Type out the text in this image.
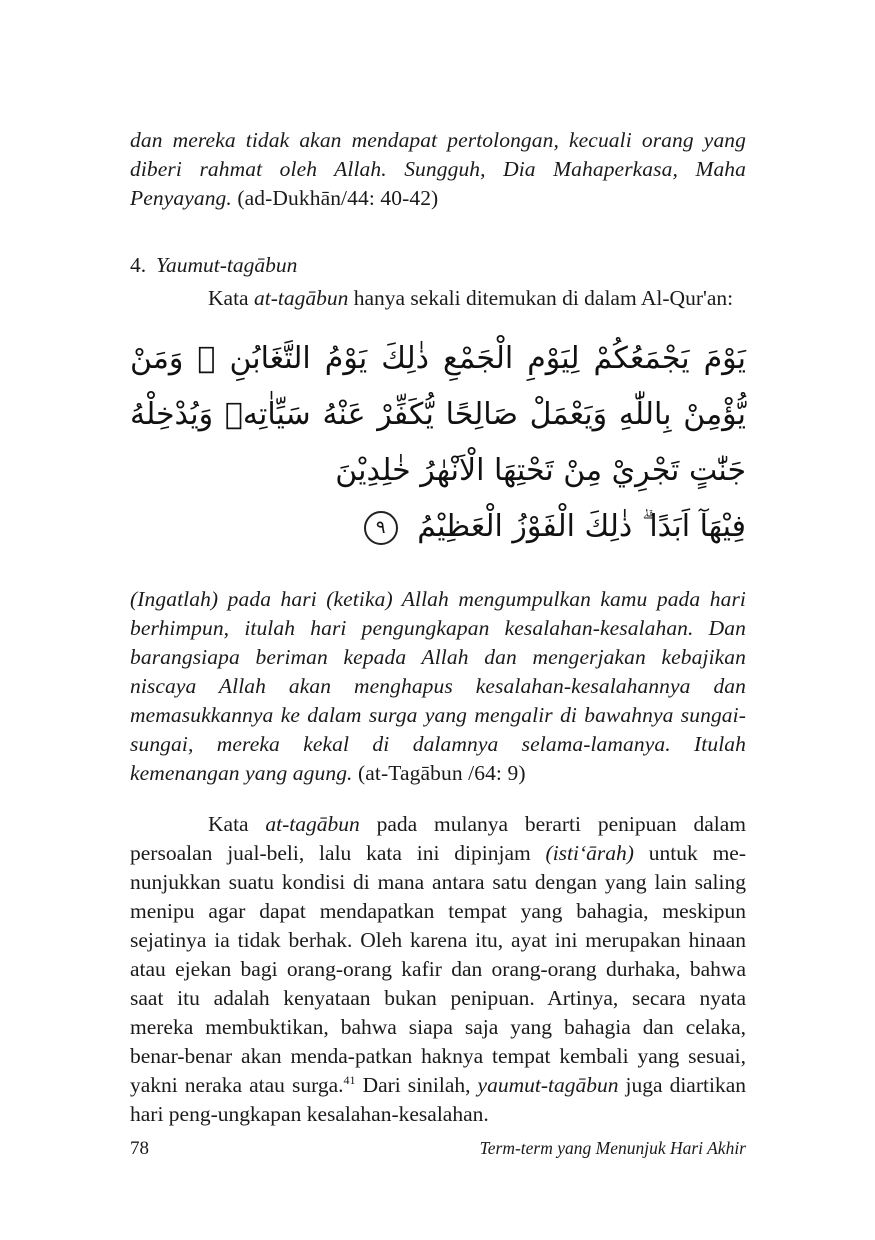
dan mereka tidak akan mendapat pertolongan, kecuali orang yang diberi rahmat oleh Allah. Sungguh, Dia Mahaperkasa, Maha Penyayang. (ad-Dukhān/44: 40-42)

4. Yaumut-tagābun

Kata at-tagābun hanya sekali ditemukan di dalam Al-Qur'an:

يَوْمَ يَجْمَعُكُمْ لِيَوْمِ الْجَمْعِ ذٰلِكَ يَوْمُ التَّغَابُنِ ۗ وَمَنْ يُّؤْمِنْ بِاللّٰهِ وَيَعْمَلْ صَالِحًا يُّكَفِّرْ عَنْهُ سَيِّاٰتِهٖ وَيُدْخِلْهُ جَنّٰتٍ تَجْرِيْ مِنْ تَحْتِهَا الْاَنْهٰرُ خٰلِدِيْنَ
فِيْهَآ اَبَدًا ۗ ذٰلِكَ الْفَوْزُ الْعَظِيْمُ ٩

(Ingatlah) pada hari (ketika) Allah mengumpulkan kamu pada hari berhimpun, itulah hari pengungkapan kesalahan-kesalahan. Dan barangsiapa beriman kepada Allah dan mengerjakan kebajikan niscaya Allah akan menghapus kesalahan-kesalahannya dan memasukkannya ke dalam surga yang mengalir di bawahnya sungai-sungai, mereka kekal di dalamnya selama-lamanya. Itulah kemenangan yang agung. (at-Tagābun /64: 9)

Kata at-tagābun pada mulanya berarti penipuan dalam persoalan jual-beli, lalu kata ini dipinjam (isti‘ārah) untuk me-nunjukkan suatu kondisi di mana antara satu dengan yang lain saling menipu agar dapat mendapatkan tempat yang bahagia, meskipun sejatinya ia tidak berhak. Oleh karena itu, ayat ini merupakan hinaan atau ejekan bagi orang-orang kafir dan orang-orang durhaka, bahwa saat itu adalah kenyataan bukan penipuan. Artinya, secara nyata mereka membuktikan, bahwa siapa saja yang bahagia dan celaka, benar-benar akan menda-patkan haknya tempat kembali yang sesuai, yakni neraka atau surga.$^{41}$ Dari sinilah, yaumut-tagābun juga diartikan hari peng-ungkapan kesalahan-kesalahan.

78	Term-term yang Menunjuk Hari Akhir
